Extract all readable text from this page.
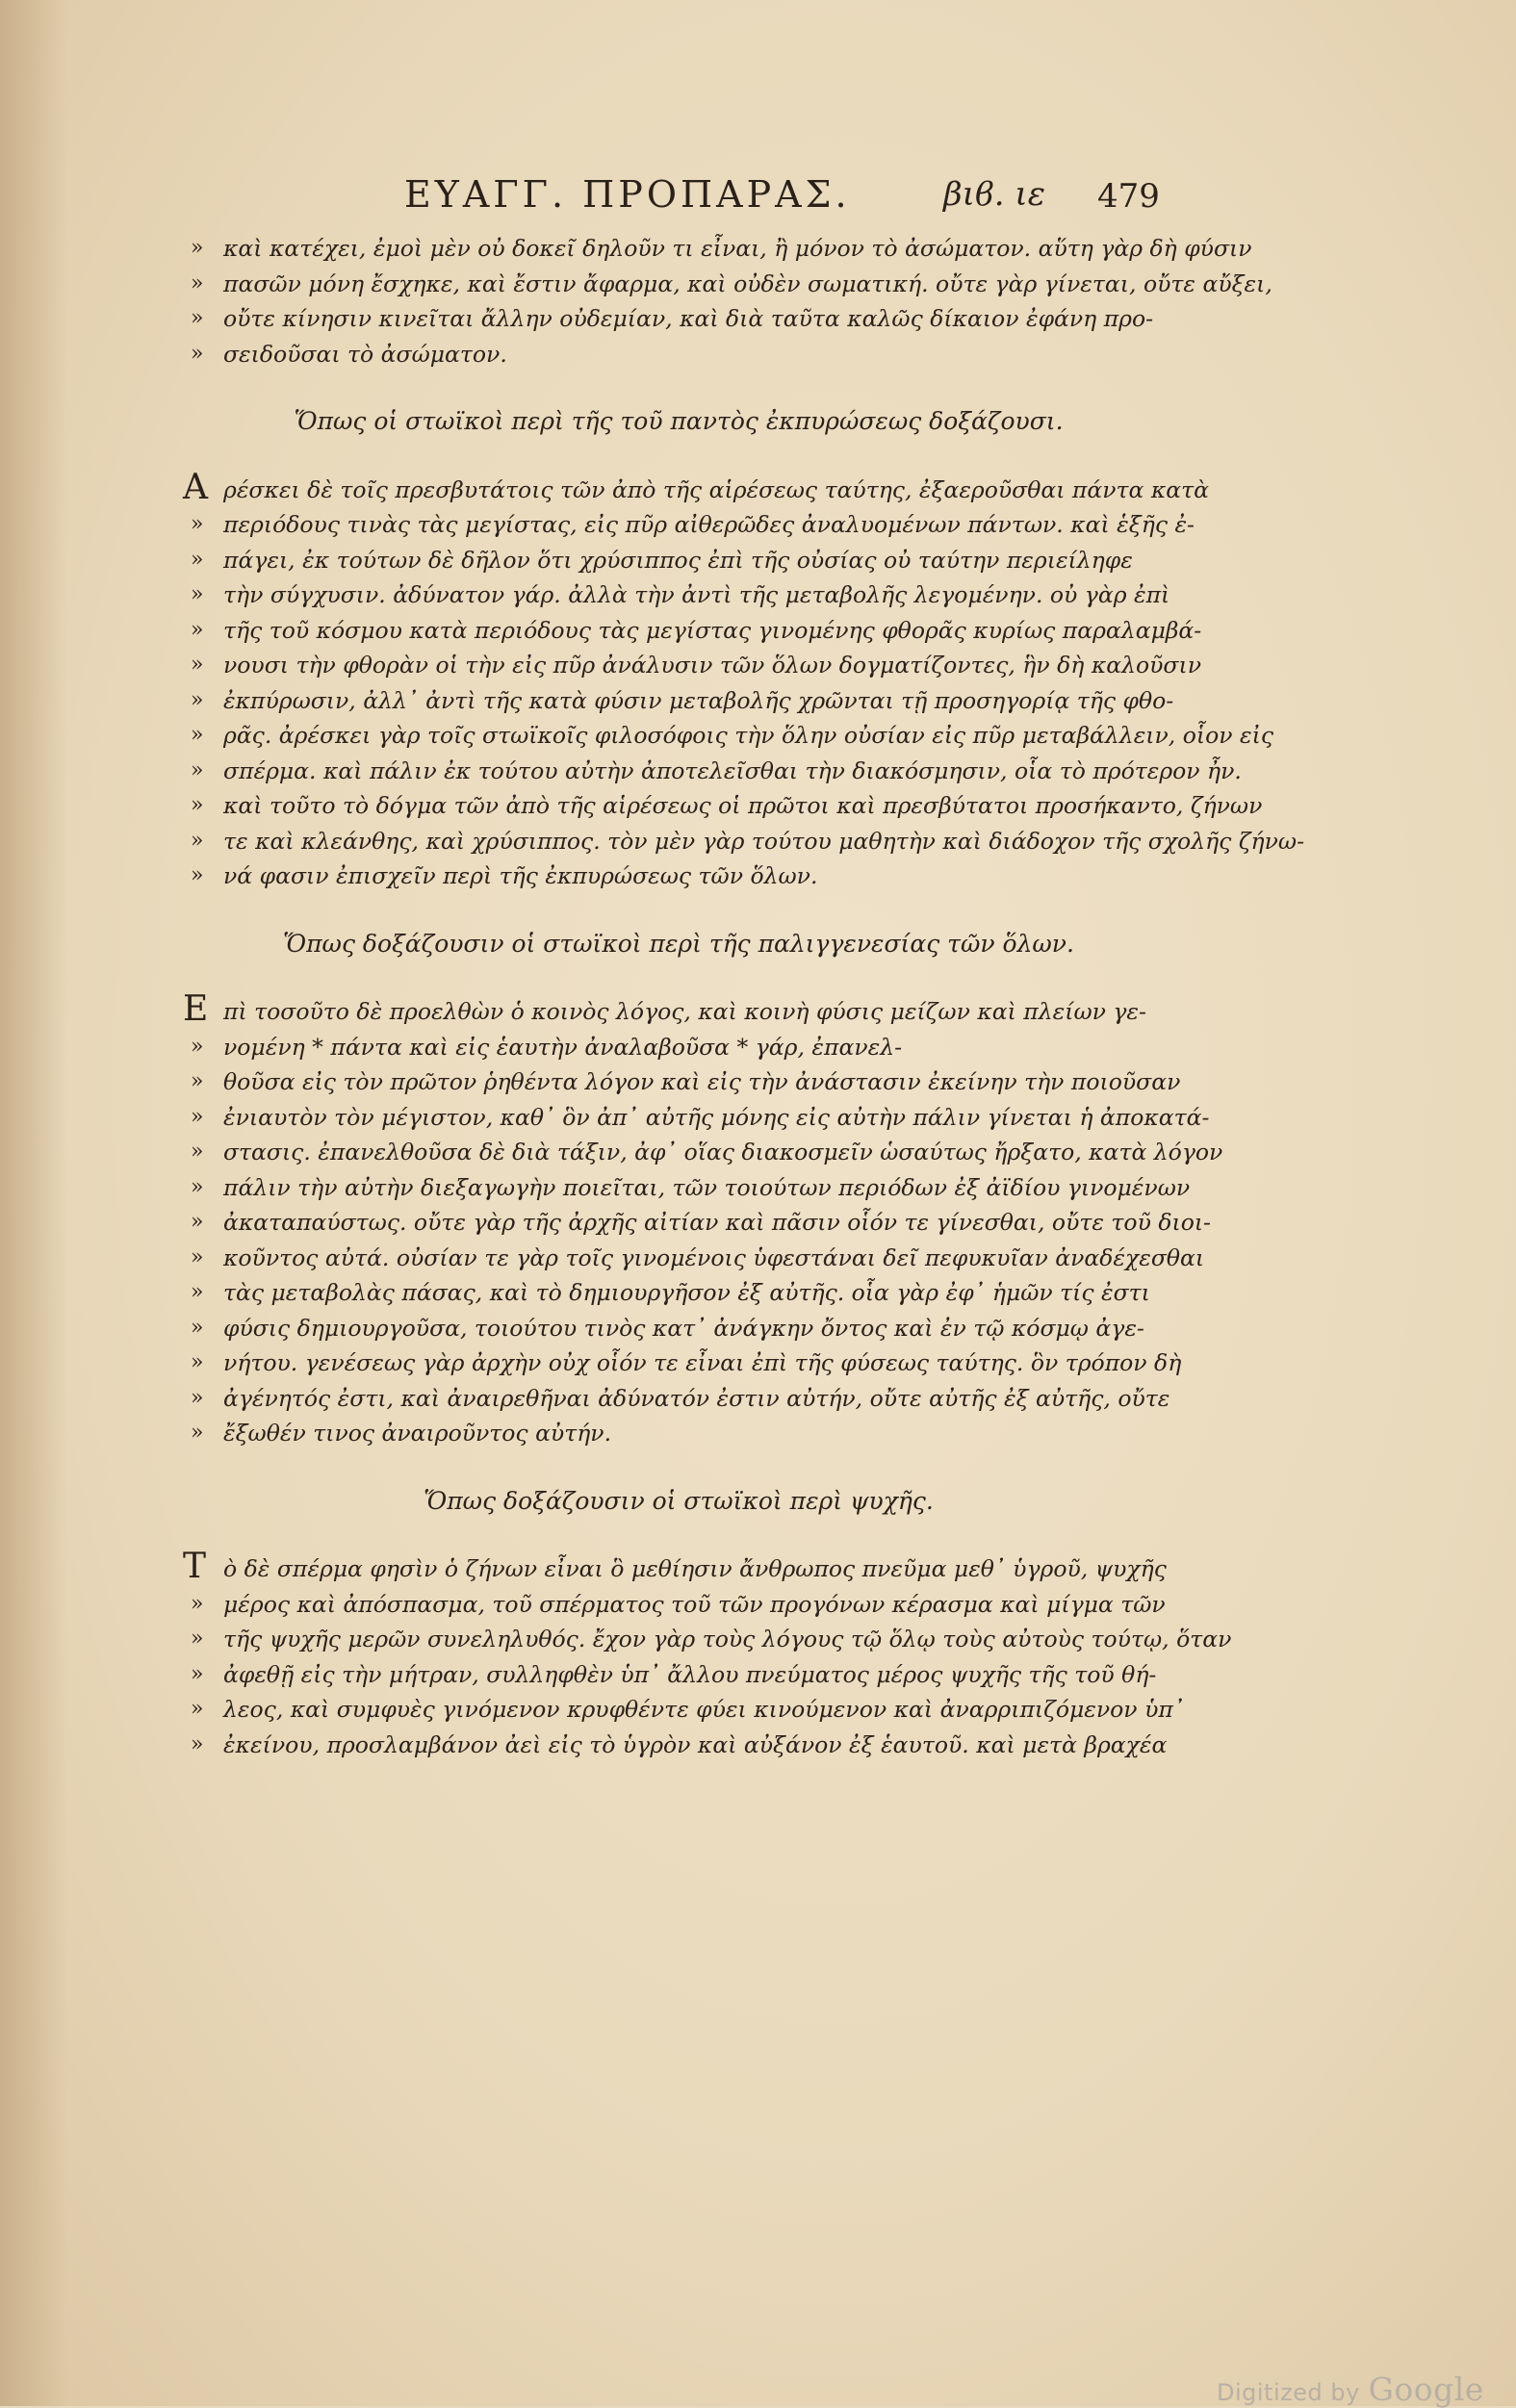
ΕΥΑΓΓ. ΠΡΟΠΑΡΑΣ.	βιϐ. ιε 479
» καὶ κατέχει, ἐμοὶ μὲν οὐ δοκεῖ δηλοῦν τι εἶναι, ἢ μόνον τὸ ἀσώματον. αὕτη γὰρ δὴ φύσιν
» πασῶν μόνη ἔσχηκε, καὶ ἔστιν ἄφαρμα, καὶ οὐδὲν σωματική. οὔτε γὰρ γίνεται, οὔτε αὔξει,
» οὔτε κίνησιν κινεῖται ἄλλην οὐδεμίαν, καὶ διὰ ταῦτα καλῶς δίκαιον ἐφάνη προ-
» σειδοῦσαι τὸ ἀσώματον.
Ὅπως οἱ στωϊκοὶ περὶ τῆς τοῦ παντὸς ἐκπυρώσεως δοξάζουσι.
Α ρέσκει δὲ τοῖς πρεσβυτάτοις τῶν ἀπὸ τῆς αἱρέσεως ταύτης, ἐξαεροῦσθαι πάντα κατὰ
» περιόδους τινὰς τὰς μεγίστας, εἰς πῦρ αἰθερῶδες ἀναλυομένων πάντων. καὶ ἑξῆς ἐ-
» πάγει, ἐκ τούτων δὲ δῆλον ὅτι χρύσιππος ἐπὶ τῆς οὐσίας οὐ ταύτην περιείληφε
» τὴν σύγχυσιν. ἀδύνατον γάρ. ἀλλὰ τὴν ἀντὶ τῆς μεταβολῆς λεγομένην. οὐ γὰρ ἐπὶ
» τῆς τοῦ κόσμου κατὰ περιόδους τὰς μεγίστας γινομένης φθορᾶς κυρίως παραλαμβά-
» νουσι τὴν φθορὰν οἱ τὴν εἰς πῦρ ἀνάλυσιν τῶν ὅλων δογματίζοντες, ἣν δὴ καλοῦσιν
» ἐκπύρωσιν, ἀλλ᾽ ἀντὶ τῆς κατὰ φύσιν μεταβολῆς χρῶνται τῇ προσηγορίᾳ τῆς φθο-
» ρᾶς. ἀρέσκει γὰρ τοῖς στωϊκοῖς φιλοσόφοις τὴν ὅλην οὐσίαν εἰς πῦρ μεταβάλλειν, οἷον εἰς
» σπέρμα. καὶ πάλιν ἐκ τούτου αὐτὴν ἀποτελεῖσθαι τὴν διακόσμησιν, οἷα τὸ πρότερον ἦν.
» καὶ τοῦτο τὸ δόγμα τῶν ἀπὸ τῆς αἱρέσεως οἱ πρῶτοι καὶ πρεσβύτατοι προσήκαντο, ζήνων
» τε καὶ κλεάνθης, καὶ χρύσιππος. τὸν μὲν γὰρ τούτου μαθητὴν καὶ διάδοχον τῆς σχολῆς ζήνω-
» νά φασιν ἐπισχεῖν περὶ τῆς ἐκπυρώσεως τῶν ὅλων.
Ὅπως δοξάζουσιν οἱ στωϊκοὶ περὶ τῆς παλιγγενεσίας τῶν ὅλων.
Ε πὶ τοσοῦτο δὲ προελθὼν ὁ κοινὸς λόγος, καὶ κοινὴ φύσις μείζων καὶ πλείων γε-
» νομένη * πάντα καὶ εἰς ἑαυτὴν ἀναλαβοῦσα * γάρ, ἐπανελ-
» θοῦσα εἰς τὸν πρῶτον ῥηθέντα λόγον καὶ εἰς τὴν ἀνάστασιν ἐκείνην τὴν ποιοῦσαν
» ἐνιαυτὸν τὸν μέγιστον, καθ᾽ ὃν ἀπ᾽ αὐτῆς μόνης εἰς αὐτὴν πάλιν γίνεται ἡ ἀποκατά-
» στασις. ἐπανελθοῦσα δὲ διὰ τάξιν, ἀφ᾽ οἵας διακοσμεῖν ὡσαύτως ἤρξατο, κατὰ λόγον
» πάλιν τὴν αὐτὴν διεξαγωγὴν ποιεῖται, τῶν τοιούτων περιόδων ἐξ ἀϊδίου γινομένων
» ἀκαταπαύστως. οὔτε γὰρ τῆς ἀρχῆς αἰτίαν καὶ πᾶσιν οἷόν τε γίνεσθαι, οὔτε τοῦ διοι-
» κοῦντος αὐτά. οὐσίαν τε γὰρ τοῖς γινομένοις ὑφεστάναι δεῖ πεφυκυῖαν ἀναδέχεσθαι
» τὰς μεταβολὰς πάσας, καὶ τὸ δημιουργῆσον ἐξ αὐτῆς. οἷα γὰρ ἐφ᾽ ἡμῶν τίς ἐστι
» φύσις δημιουργοῦσα, τοιούτου τινὸς κατ᾽ ἀνάγκην ὄντος καὶ ἐν τῷ κόσμῳ ἀγε-
» νήτου. γενέσεως γὰρ ἀρχὴν οὐχ οἷόν τε εἶναι ἐπὶ τῆς φύσεως ταύτης. ὃν τρόπον δὴ
» ἀγένητός ἐστι, καὶ ἀναιρεθῆναι ἀδύνατόν ἐστιν αὐτήν, οὔτε αὐτῆς ἐξ αὐτῆς, οὔτε
» ἔξωθέν τινος ἀναιροῦντος αὐτήν.
Ὅπως δοξάζουσιν οἱ στωϊκοὶ περὶ ψυχῆς.
Τ ὸ δὲ σπέρμα φησὶν ὁ ζήνων εἶναι ὃ μεθίησιν ἄνθρωπος πνεῦμα μεθ᾽ ὑγροῦ, ψυχῆς
» μέρος καὶ ἀπόσπασμα, τοῦ σπέρματος τοῦ τῶν προγόνων κέρασμα καὶ μίγμα τῶν
» τῆς ψυχῆς μερῶν συνεληλυθός. ἔχον γὰρ τοὺς λόγους τῷ ὅλῳ τοὺς αὐτοὺς τούτῳ, ὅταν
» ἀφεθῇ εἰς τὴν μήτραν, συλληφθὲν ὑπ᾽ ἄλλου πνεύματος μέρος ψυχῆς τῆς τοῦ θή-
» λεος, καὶ συμφυὲς γινόμενον κρυφθέντε φύει κινούμενον καὶ ἀναρριπιζόμενον ὑπ᾽
» ἐκείνου, προσλαμβάνον ἀεὶ εἰς τὸ ὑγρὸν καὶ αὐξάνον ἐξ ἑαυτοῦ. καὶ μετὰ βραχέα
Digitized by Google
